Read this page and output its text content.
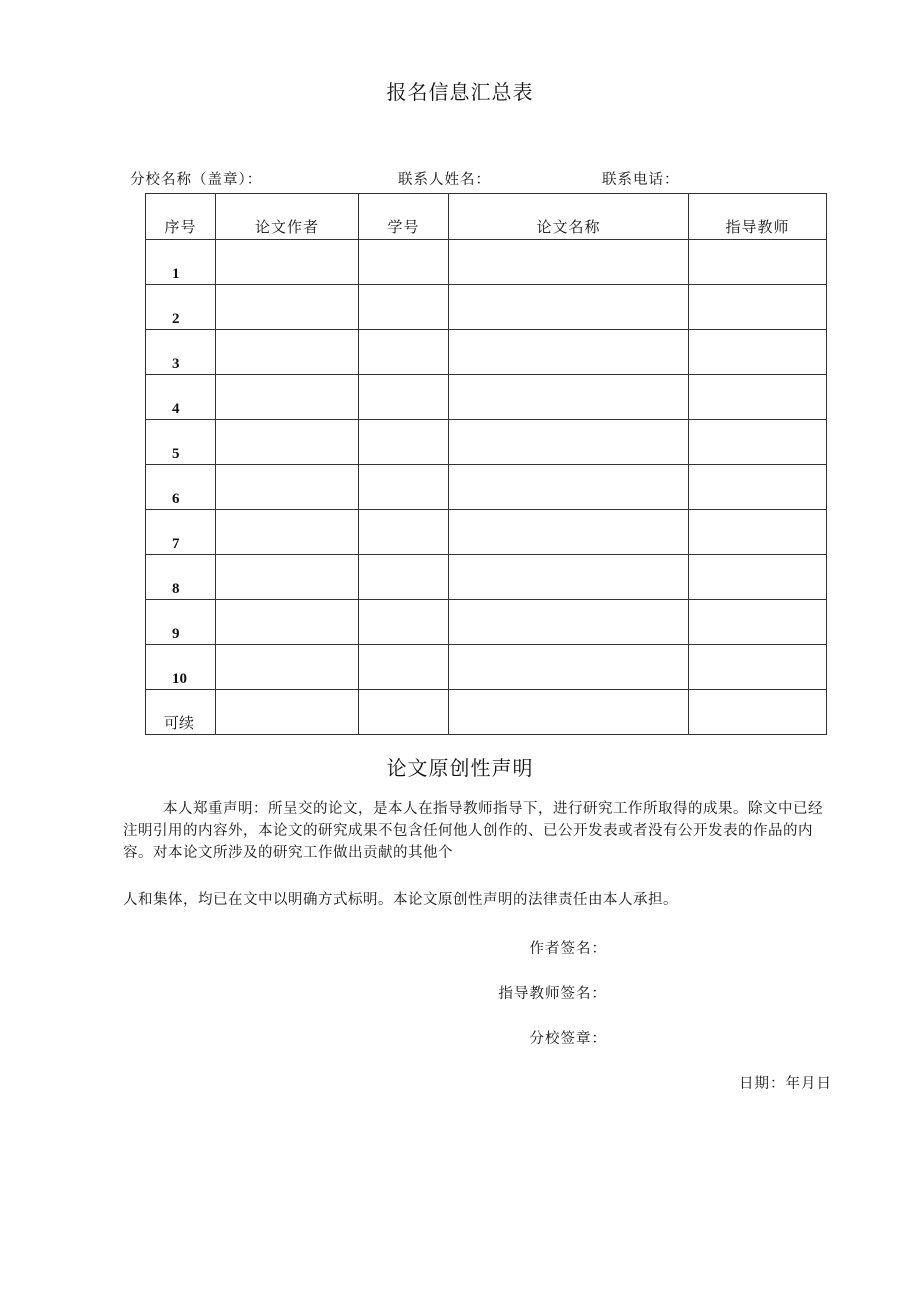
报名信息汇总表
分校名称（盖章）：	联系人姓名：	联系电话：
序号	论文作者	学号	论文名称	指导教师
1				
2				
3				
4				
5				
6				
7				
8				
9				
10				
可续				
论文原创性声明
本人郑重声明：所呈交的论文，是本人在指导教师指导下，进行研究工作所取得的成果。除文中已经注明引用的内容外，本论文的研究成果不包含任何他人创作的、已公开发表或者没有公开发表的作品的内容。对本论文所涉及的研究工作做出贡献的其他个
人和集体，均已在文中以明确方式标明。本论文原创性声明的法律责任由本人承担。
作者签名：
指导教师签名：
分校签章：
日期：年月日
